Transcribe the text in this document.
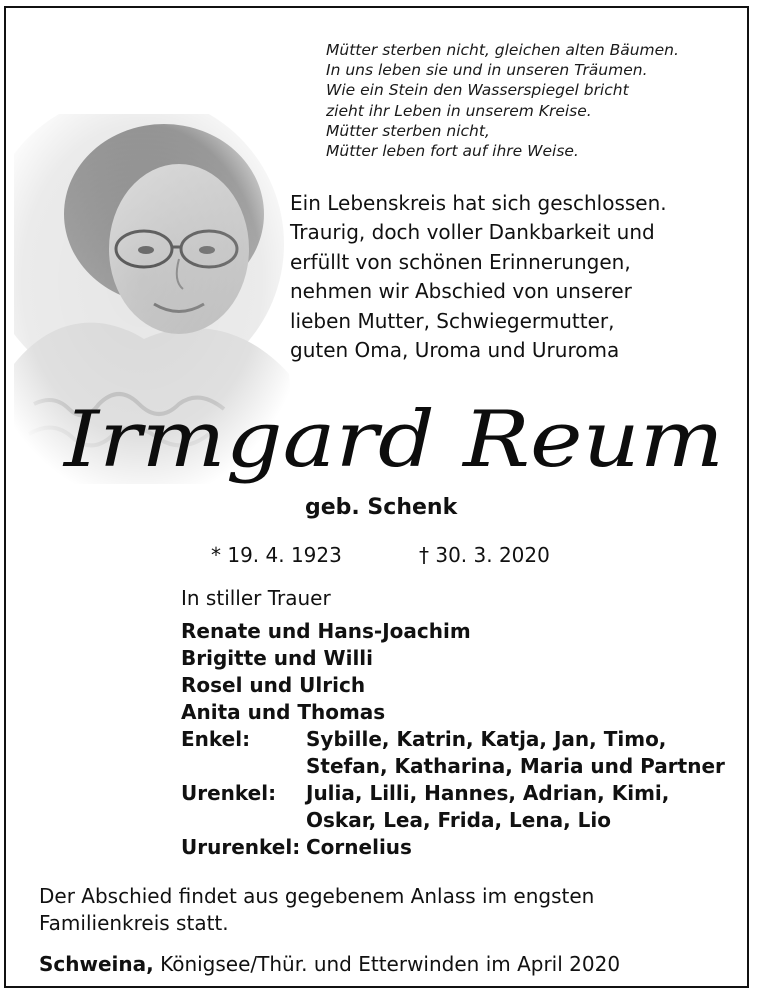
Mütter sterben nicht, gleichen alten Bäumen.
In uns leben sie und in unseren Träumen.
Wie ein Stein den Wasserspiegel bricht
zieht ihr Leben in unserem Kreise.
Mütter sterben nicht,
Mütter leben fort auf ihre Weise.
Ein Lebenskreis hat sich geschlossen.
Traurig, doch voller Dankbarkeit und
erfüllt von schönen Erinnerungen,
nehmen wir Abschied von unserer
lieben Mutter, Schwiegermutter,
guten Oma, Uroma und Ururoma
Irmgard Reum
geb. Schenk
* 19. 4. 1923	† 30. 3. 2020
In stiller Trauer
Renate und Hans-Joachim
Brigitte und Willi
Rosel und Ulrich
Anita und Thomas
Enkel:	Sybille, Katrin, Katja, Jan, Timo,
Stefan, Katharina, Maria und Partner
Urenkel: Julia, Lilli, Hannes, Adrian, Kimi,
Oskar, Lea, Frida, Lena, Lio
Ururenkel: Cornelius
Der Abschied findet aus gegebenem Anlass im engsten
Familienkreis statt.
Schweina, Königsee/Thür. und Etterwinden im April 2020
